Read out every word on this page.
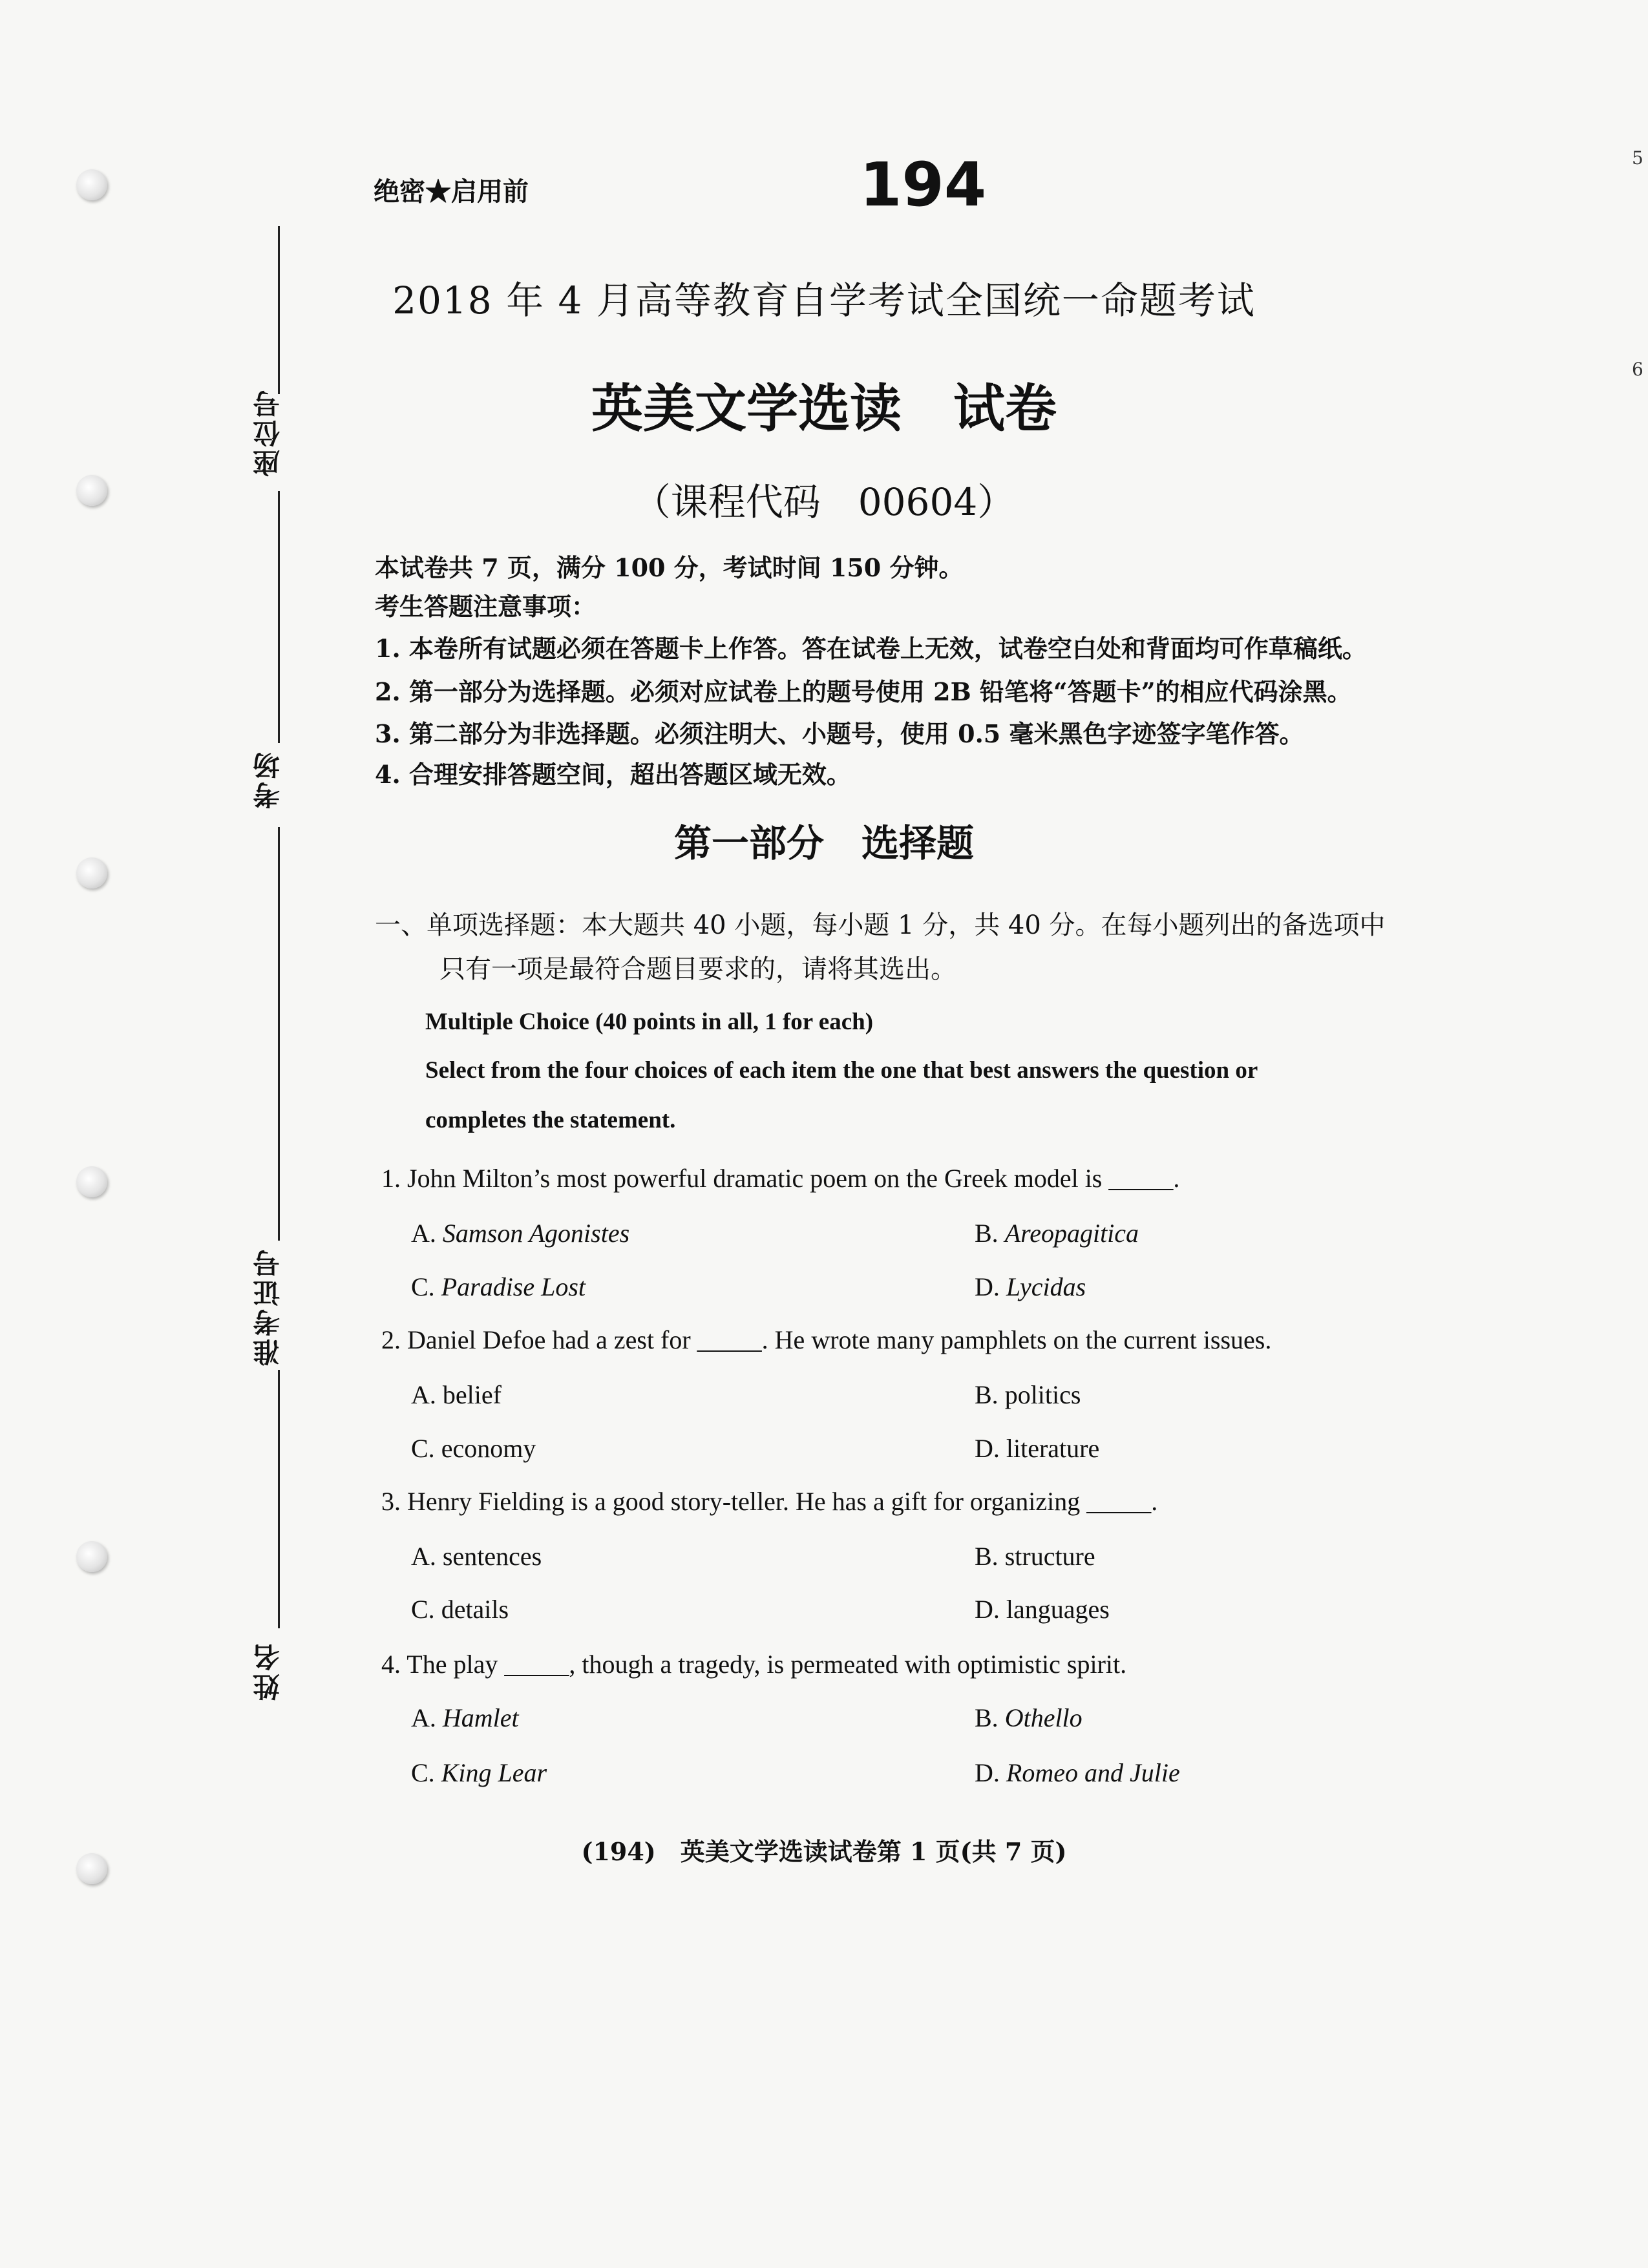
座位号
考场
准考证号
姓名
绝密★启用前	194
2018 年 4 月高等教育自学考试全国统一命题考试
英美文学选读　试卷
（课程代码　00604）
本试卷共 7 页，满分 100 分，考试时间 150 分钟。
考生答题注意事项：
1. 本卷所有试题必须在答题卡上作答。答在试卷上无效，试卷空白处和背面均可作草稿纸。
2. 第一部分为选择题。必须对应试卷上的题号使用 2B 铅笔将“答题卡”的相应代码涂黑。
3. 第二部分为非选择题。必须注明大、小题号，使用 0.5 毫米黑色字迹签字笔作答。
4. 合理安排答题空间，超出答题区域无效。
第一部分　选择题
一、单项选择题：本大题共 40 小题，每小题 1 分，共 40 分。在每小题列出的备选项中
只有一项是最符合题目要求的，请将其选出。
Multiple Choice (40 points in all, 1 for each)
Select from the four choices of each item the one that best answers the question or
completes the statement.
1. John Milton’s most powerful dramatic poem on the Greek model is _____.
A. Samson Agonistes	B. Areopagitica
C. Paradise Lost	D. Lycidas
2. Daniel Defoe had a zest for _____. He wrote many pamphlets on the current issues.
A. belief	B. politics
C. economy	D. literature
3. Henry Fielding is a good story-teller. He has a gift for organizing _____.
A. sentences	B. structure
C. details	D. languages
4. The play _____, though a tragedy, is permeated with optimistic spirit.
A. Hamlet	B. Othello
C. King Lear	D. Romeo and Julie
(194)　英美文学选读试卷第 1 页(共 7 页)
5
6
